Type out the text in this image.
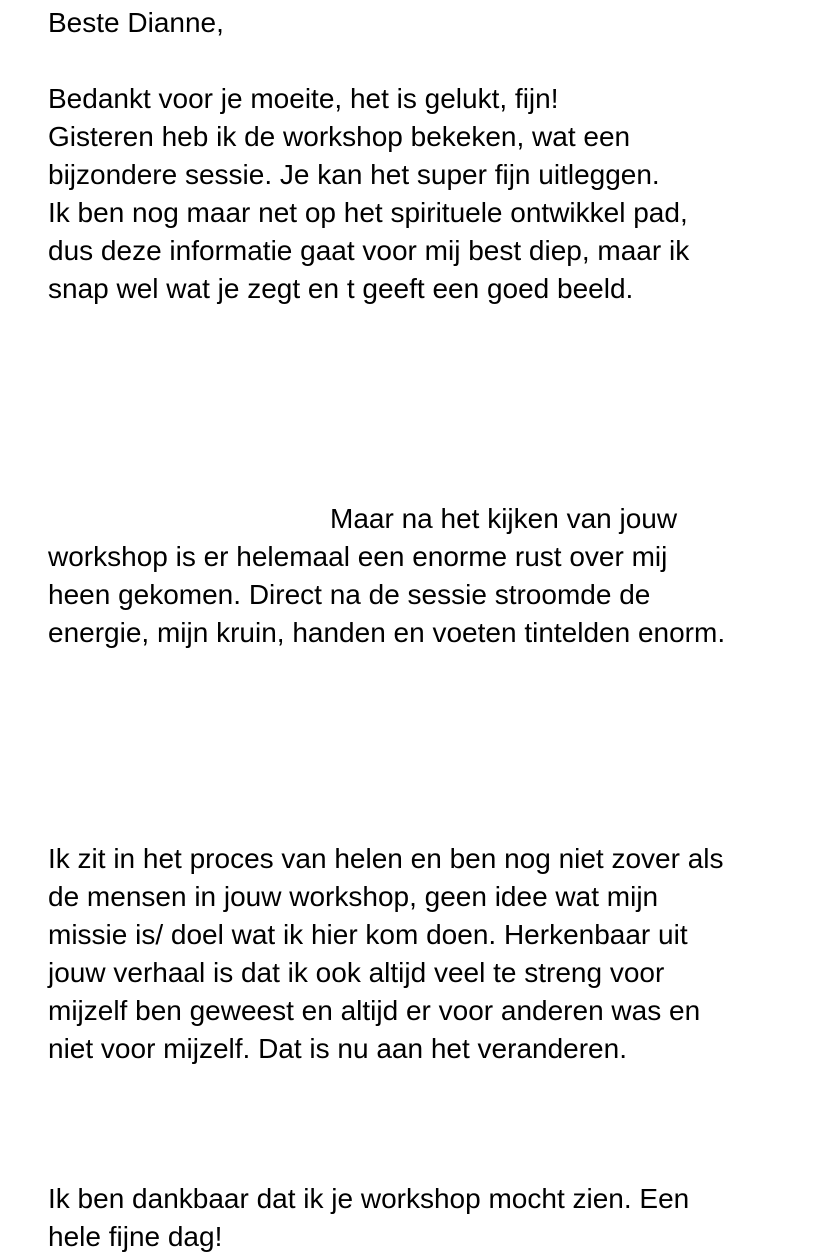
Beste Dianne,

Bedankt voor je moeite, het is gelukt, fijn!

Gisteren heb ik de workshop bekeken, wat een

bijzondere sessie. Je kan het super fijn uitleggen.

Ik ben nog maar net op het spirituele ontwikkel pad,

dus deze informatie gaat voor mij best diep, maar ik

snap wel wat je zegt en t geeft een goed beeld.

Maar na het kijken van jouw

workshop is er helemaal een enorme rust over mij

heen gekomen. Direct na de sessie stroomde de

energie, mijn kruin, handen en voeten tintelden enorm.

Ik zit in het proces van helen en ben nog niet zover als

de mensen in jouw workshop, geen idee wat mijn

missie is/ doel wat ik hier kom doen. Herkenbaar uit

jouw verhaal is dat ik ook altijd veel te streng voor

mijzelf ben geweest en altijd er voor anderen was en

niet voor mijzelf. Dat is nu aan het veranderen.

Ik ben dankbaar dat ik je workshop mocht zien. Een

hele fijne dag!
